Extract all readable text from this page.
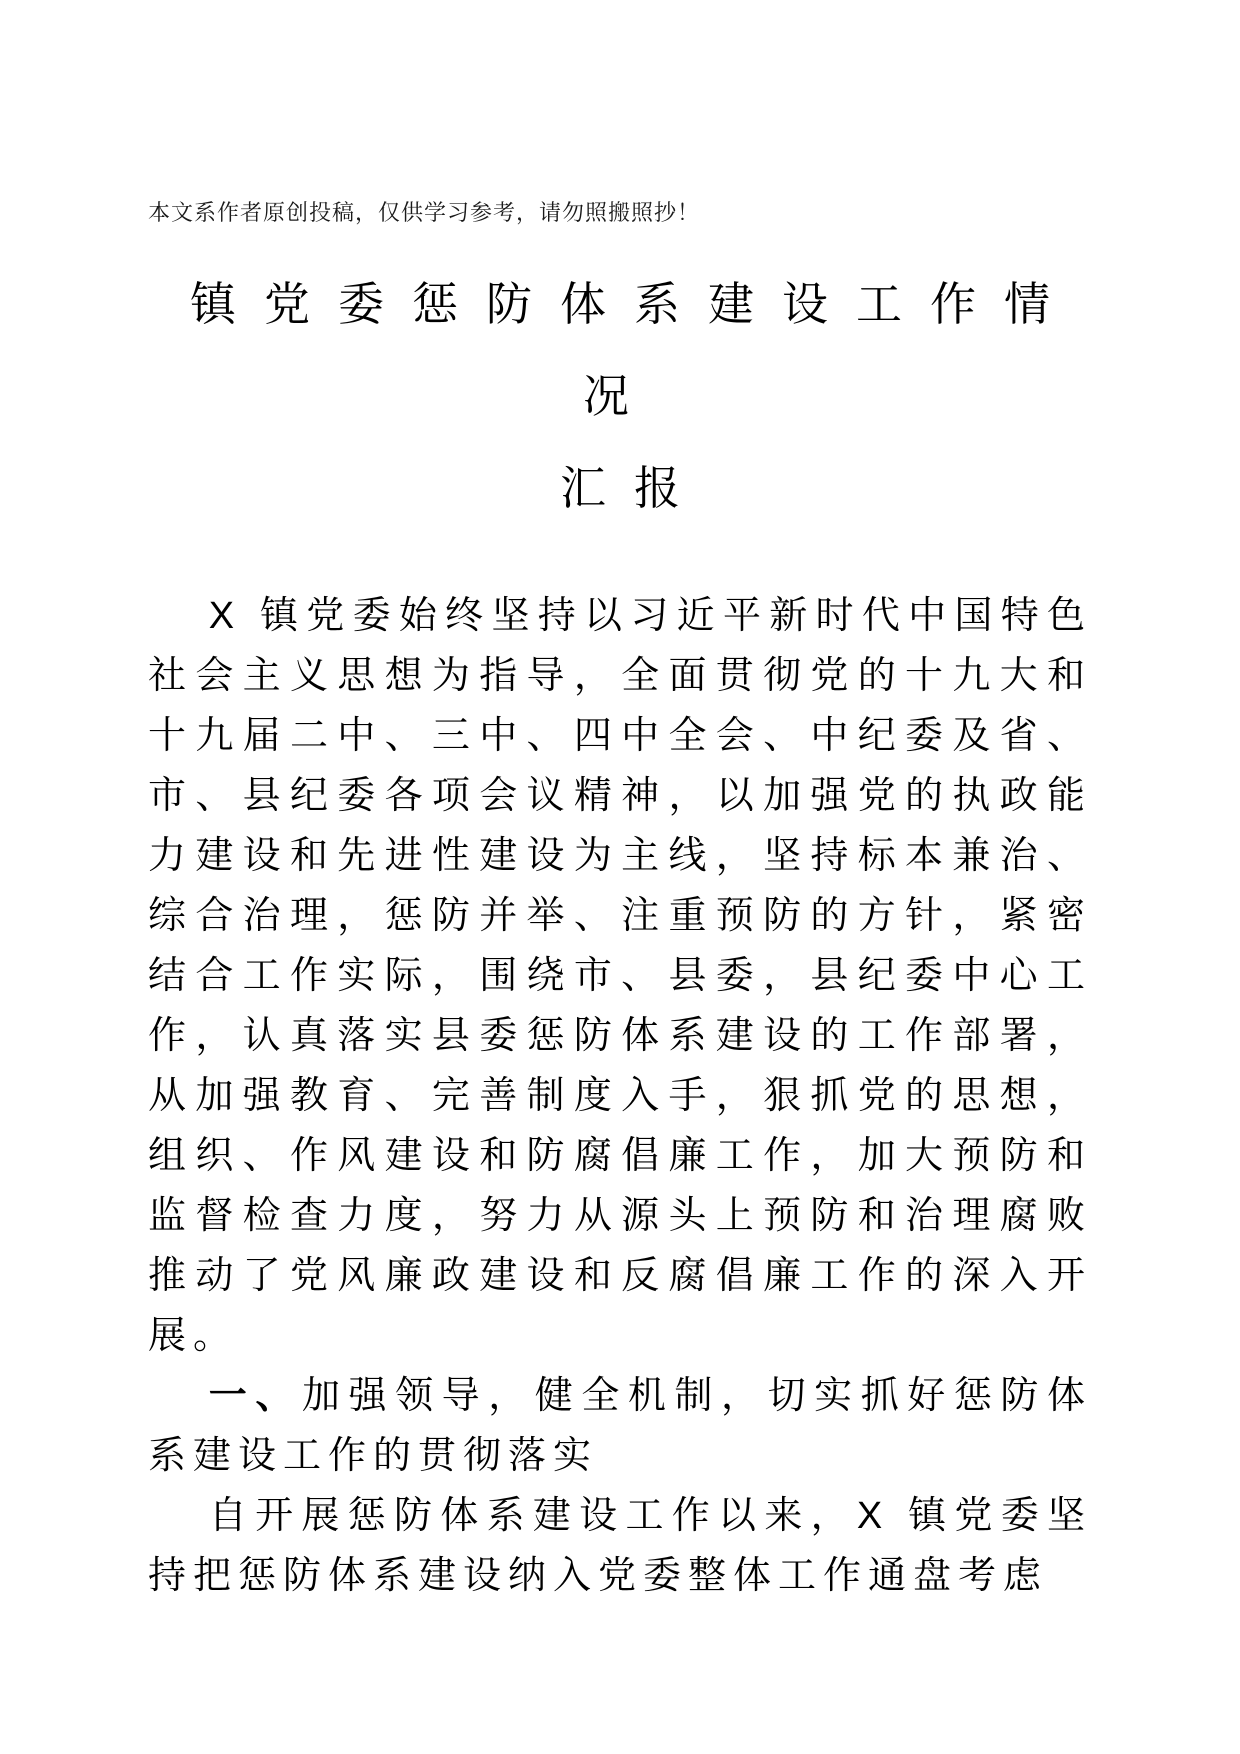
本文系作者原创投稿，仅供学习参考，请勿照搬照抄！
镇党委惩防体系建设工作情况
汇报

X 镇党委始终坚持以习近平新时代中国特色社会主义思想为指导，全面贯彻党的十九大和十九届二中、三中、四中全会、中纪委及省、市、县纪委各项会议精神，以加强党的执政能力建设和先进性建设为主线，坚持标本兼治、综合治理，惩防并举、注重预防的方针，紧密结合工作实际，围绕市、县委，县纪委中心工作，认真落实县委惩防体系建设的工作部署，从加强教育、完善制度入手，狠抓党的思想，组织、作风建设和防腐倡廉工作，加大预防和监督检查力度，努力从源头上预防和治理腐败推动了党风廉政建设和反腐倡廉工作的深入开展。

一、加强领导，健全机制，切实抓好惩防体系建设工作的贯彻落实

自开展惩防体系建设工作以来，X 镇党委坚持把惩防体系建设纳入党委整体工作通盘考虑
